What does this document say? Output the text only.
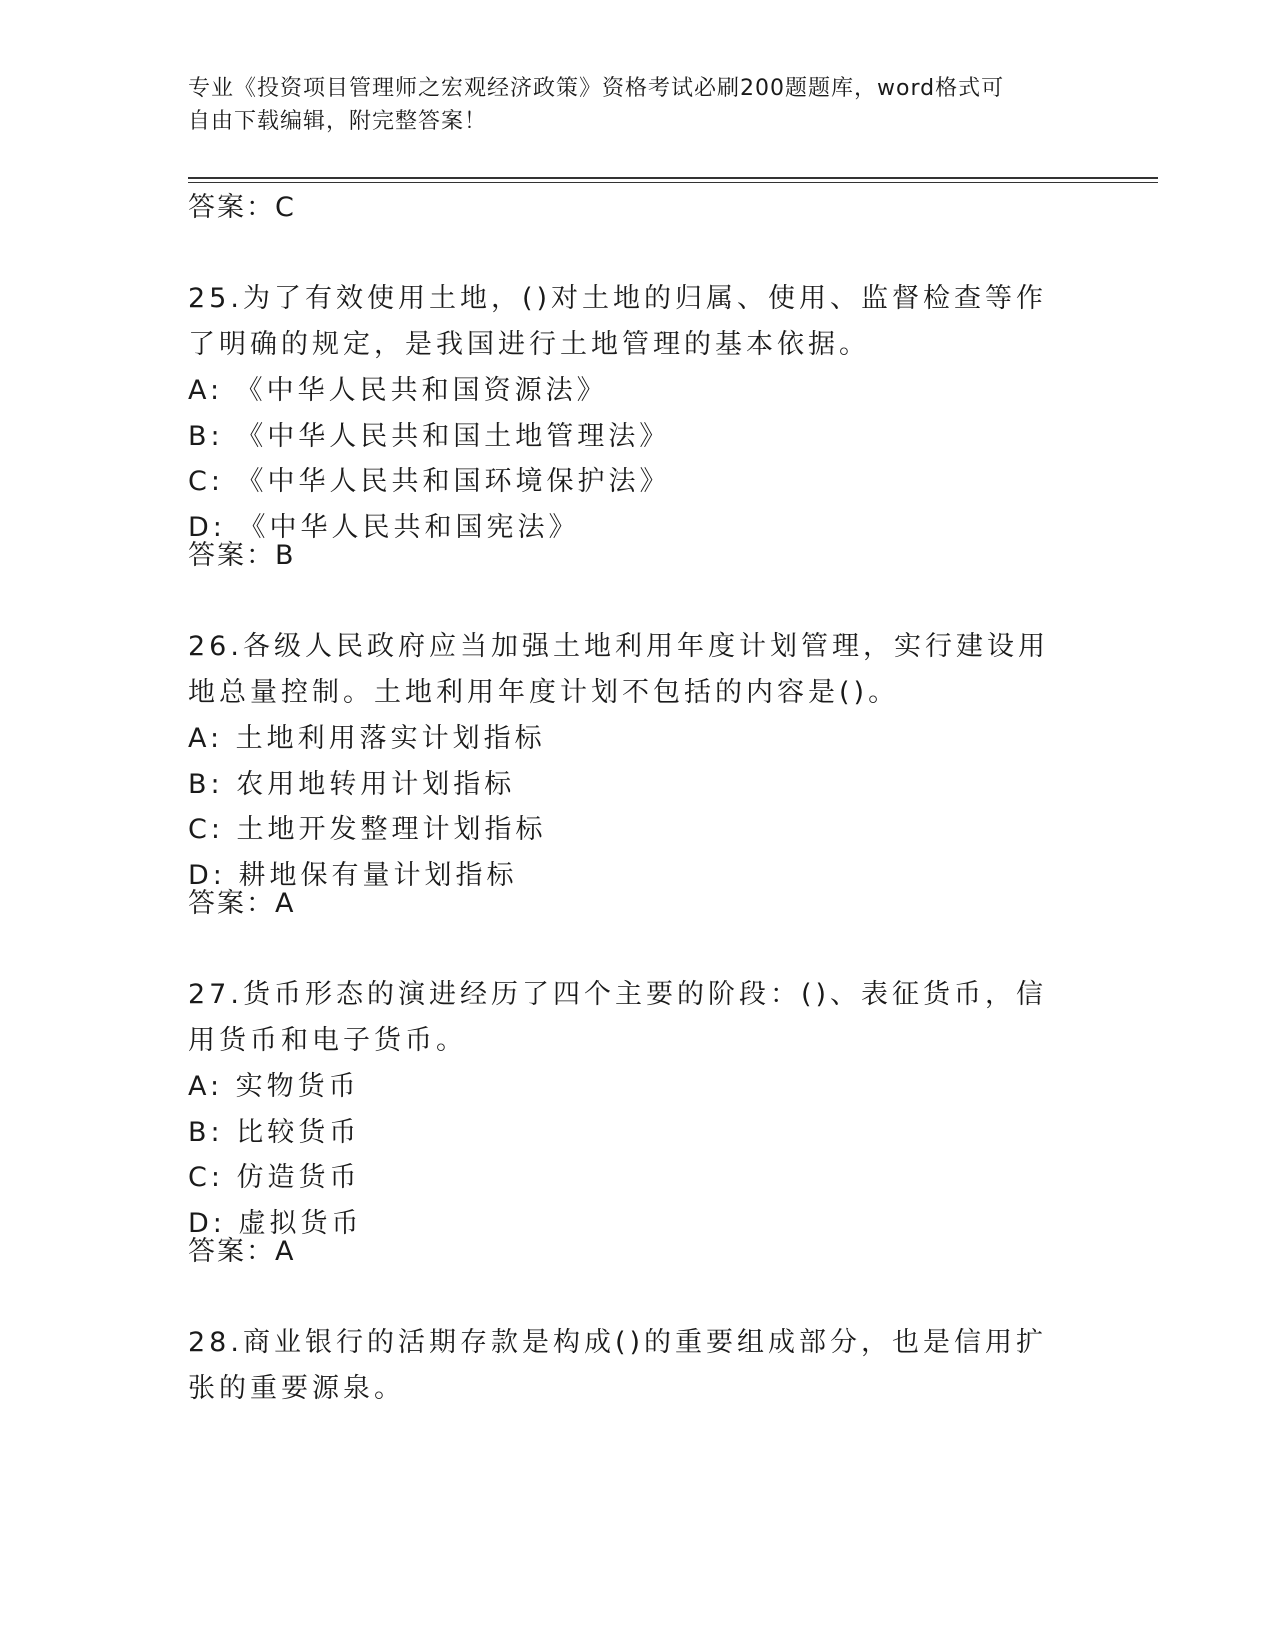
专业《投资项目管理师之宏观经济政策》资格考试必刷200题题库，word格式可
自由下载编辑，附完整答案！
答案：C

25.为了有效使用土地，()对土地的归属、使用、监督检查等作了明确的规定，是我国进行土地管理的基本依据。

A: 《中华人民共和国资源法》

B: 《中华人民共和国土地管理法》

C: 《中华人民共和国环境保护法》

D: 《中华人民共和国宪法》

答案：B

26.各级人民政府应当加强土地利用年度计划管理，实行建设用地总量控制。土地利用年度计划不包括的内容是()。

A: 土地利用落实计划指标

B: 农用地转用计划指标

C: 土地开发整理计划指标

D: 耕地保有量计划指标

答案：A

27.货币形态的演进经历了四个主要的阶段：()、表征货币，信用货币和电子货币。

A: 实物货币

B: 比较货币

C: 仿造货币

D: 虚拟货币

答案：A

28.商业银行的活期存款是构成()的重要组成部分，也是信用扩张的重要源泉。
